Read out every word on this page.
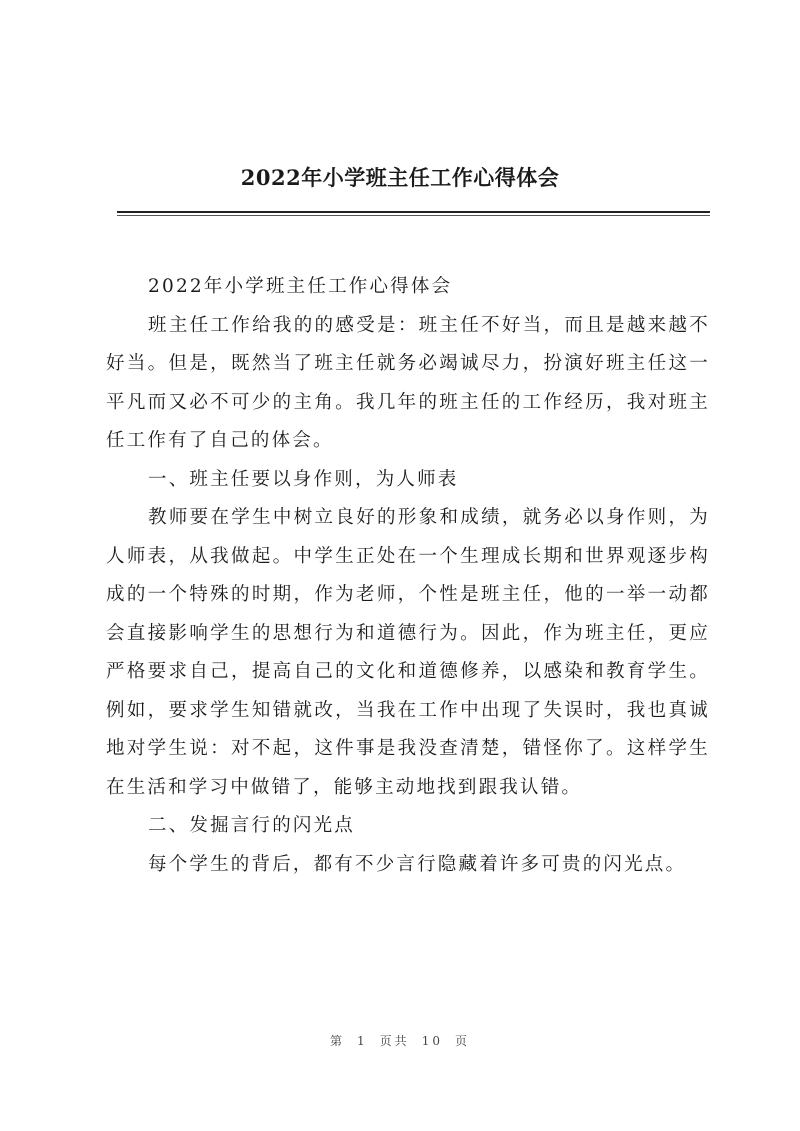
2022年小学班主任工作心得体会

2022年小学班主任工作心得体会

班主任工作给我的的感受是：班主任不好当，而且是越来越不好当。但是，既然当了班主任就务必竭诚尽力，扮演好班主任这一平凡而又必不可少的主角。我几年的班主任的工作经历，我对班主任工作有了自己的体会。

一、班主任要以身作则，为人师表

教师要在学生中树立良好的形象和成绩，就务必以身作则，为人师表，从我做起。中学生正处在一个生理成长期和世界观逐步构成的一个特殊的时期，作为老师，个性是班主任，他的一举一动都会直接影响学生的思想行为和道德行为。因此，作为班主任，更应严格要求自己，提高自己的文化和道德修养，以感染和教育学生。例如，要求学生知错就改，当我在工作中出现了失误时，我也真诚地对学生说：对不起，这件事是我没查清楚，错怪你了。这样学生在生活和学习中做错了，能够主动地找到跟我认错。

二、发掘言行的闪光点

每个学生的背后，都有不少言行隐藏着许多可贵的闪光点。

第 1 页共 10 页
